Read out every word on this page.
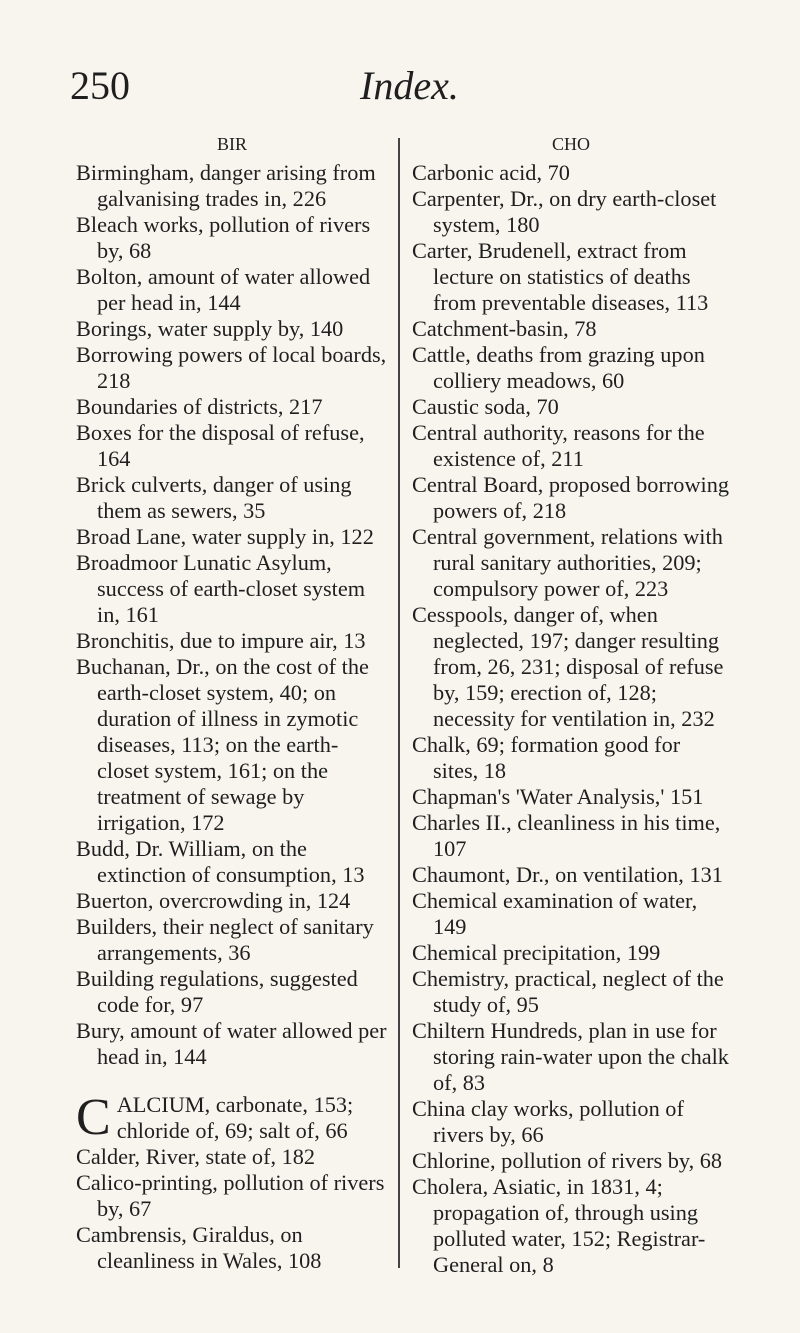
250	Index.
BIR

Birmingham, danger arising from galvanising trades in, 226

Bleach works, pollution of rivers by, 68

Bolton, amount of water allowed per head in, 144

Borings, water supply by, 140

Borrowing powers of local boards, 218

Boundaries of districts, 217

Boxes for the disposal of refuse, 164

Brick culverts, danger of using them as sewers, 35

Broad Lane, water supply in, 122

Broadmoor Lunatic Asylum, success of earth-closet system in, 161

Bronchitis, due to impure air, 13

Buchanan, Dr., on the cost of the earth-closet system, 40; on duration of illness in zymotic diseases, 113; on the earth-closet system, 161; on the treatment of sewage by irrigation, 172

Budd, Dr. William, on the extinction of consumption, 13

Buerton, overcrowding in, 124

Builders, their neglect of sanitary arrangements, 36

Building regulations, suggested code for, 97

Bury, amount of water allowed per head in, 144

CALCIUM, carbonate, 153; chloride of, 69; salt of, 66

Calder, River, state of, 182

Calico-printing, pollution of rivers by, 67

Cambrensis, Giraldus, on cleanliness in Wales, 108

CHO

Carbonic acid, 70

Carpenter, Dr., on dry earth-closet system, 180

Carter, Brudenell, extract from lecture on statistics of deaths from preventable diseases, 113

Catchment-basin, 78

Cattle, deaths from grazing upon colliery meadows, 60

Caustic soda, 70

Central authority, reasons for the existence of, 211

Central Board, proposed borrowing powers of, 218

Central government, relations with rural sanitary authorities, 209; compulsory power of, 223

Cesspools, danger of, when neglected, 197; danger resulting from, 26, 231; disposal of refuse by, 159; erection of, 128; necessity for ventilation in, 232

Chalk, 69; formation good for sites, 18

Chapman's 'Water Analysis,' 151

Charles II., cleanliness in his time, 107

Chaumont, Dr., on ventilation, 131

Chemical examination of water, 149

Chemical precipitation, 199

Chemistry, practical, neglect of the study of, 95

Chiltern Hundreds, plan in use for storing rain-water upon the chalk of, 83

China clay works, pollution of rivers by, 66

Chlorine, pollution of rivers by, 68

Cholera, Asiatic, in 1831, 4; propagation of, through using polluted water, 152; Registrar-General on, 8
